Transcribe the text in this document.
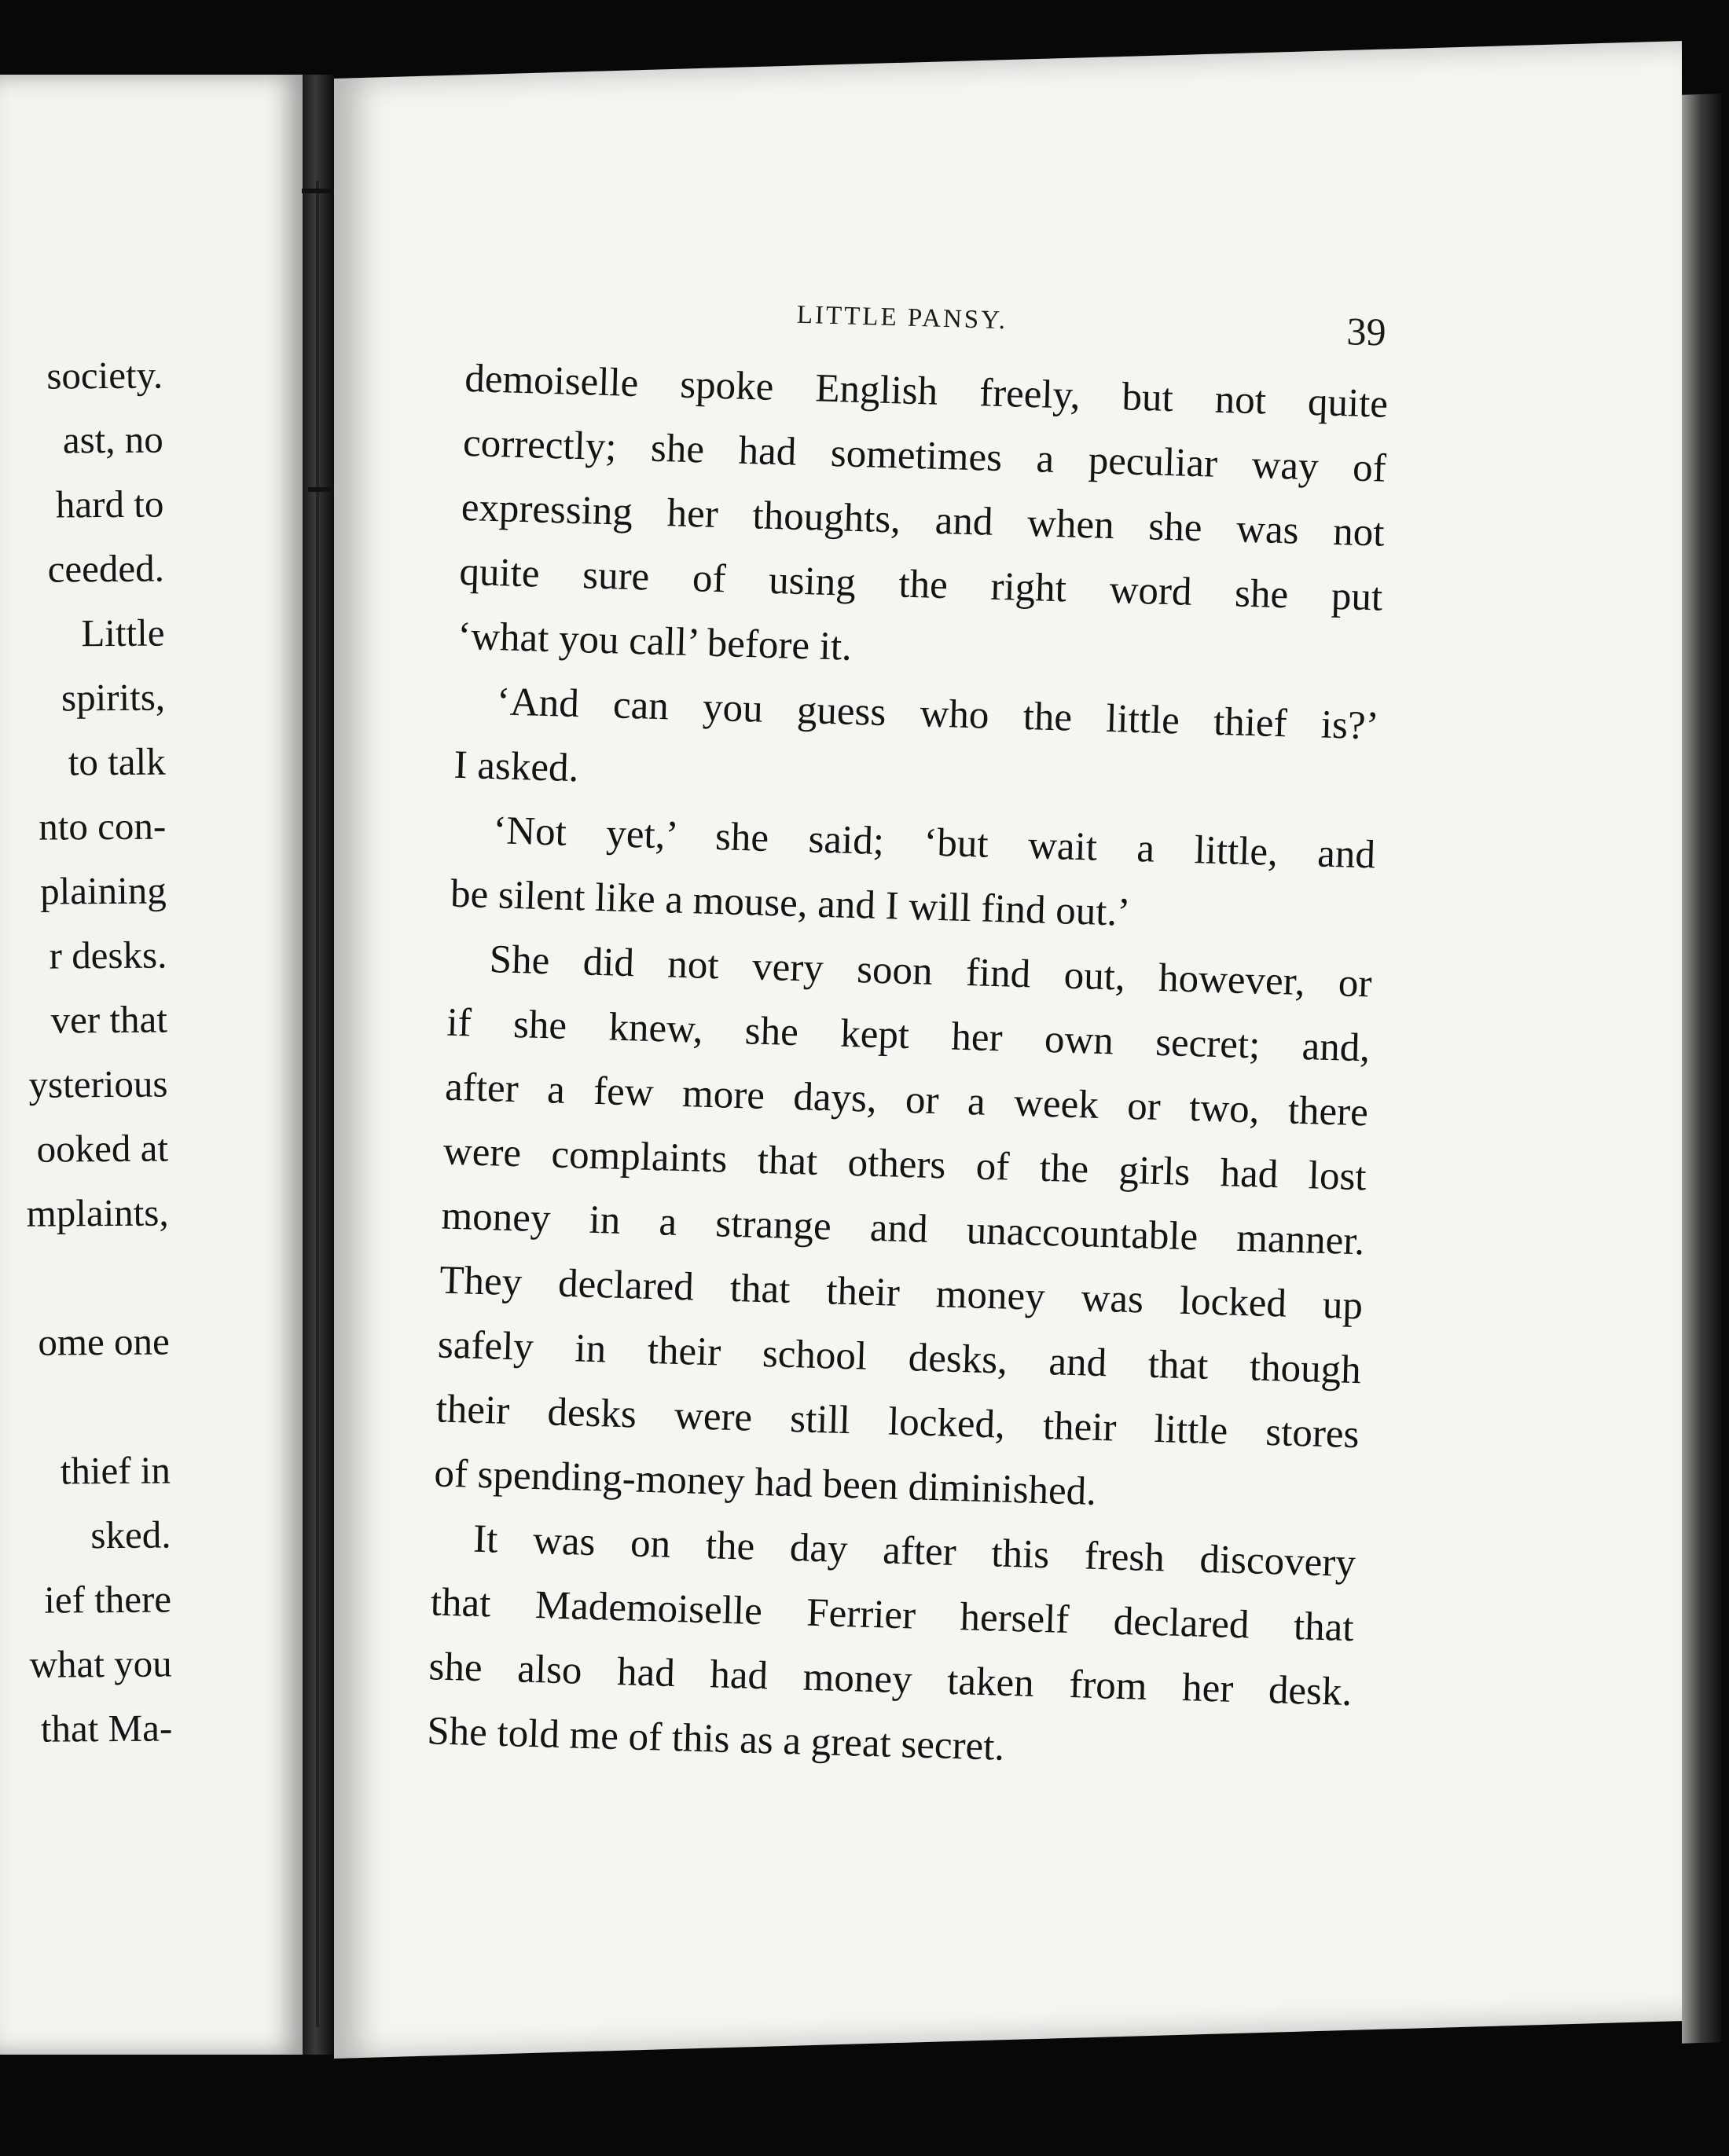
society.
ast, no
hard to
ceeded.
Little
spirits,
to talk
nto con-
plaining
r desks.
ver that
ysterious
ooked at
mplaints,
ome one
thief in
sked.
ief there
what you
that Ma-
LITTLE PANSY.	39
demoiselle spoke English freely, but not quite
correctly; she had sometimes a peculiar way of
expressing her thoughts, and when she was not
quite sure of using the right word she put
‘what you call’ before it.
‘And can you guess who the little thief is?’
I asked.
‘Not yet,’ she said; ‘but wait a little, and
be silent like a mouse, and I will find out.’
She did not very soon find out, however, or
if she knew, she kept her own secret; and,
after a few more days, or a week or two, there
were complaints that others of the girls had lost
money in a strange and unaccountable manner.
They declared that their money was locked up
safely in their school desks, and that though
their desks were still locked, their little stores
of spending-money had been diminished.
It was on the day after this fresh discovery
that Mademoiselle Ferrier herself declared that
she also had had money taken from her desk.
She told me of this as a great secret.
